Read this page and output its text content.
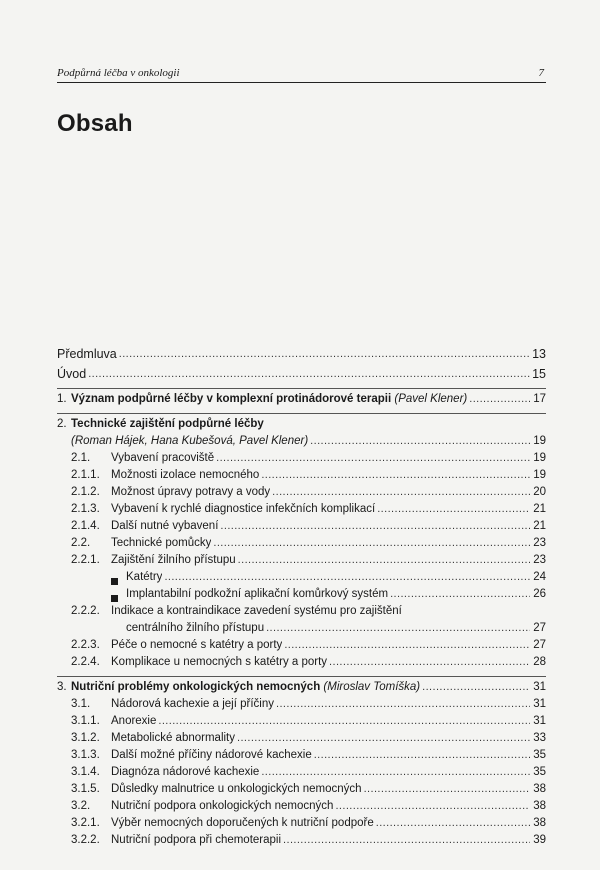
Podpůrná léčba v onkologii	7
Obsah
Předmluva .....	13
Úvod .....	15
1. Význam podpůrné léčby v komplexní protinádorové terapii (Pavel Klener) .....	17
2. Technické zajištění podpůrné léčby
(Roman Hájek, Hana Kubešová, Pavel Klener) .....	19
2.1.	Vybavení pracoviště .....	19
2.1.1. Možnosti izolace nemocného .....	19
2.1.2. Možnost úpravy potravy a vody .....	20
2.1.3. Vybavení k rychlé diagnostice infekčních komplikací .....	21
2.1.4. Další nutné vybavení .....	21
2.2.	Technické pomůcky .....	23
2.2.1. Zajištění žilního přístupu .....	23
Katétry .....	24
Implantabilní podkožní aplikační komůrkový systém .....	26
2.2.2. Indikace a kontraindikace zavedení systému pro zajištění
centrálního žilního přístupu .....	27
2.2.3. Péče o nemocné s katétry a porty .....	27
2.2.4. Komplikace u nemocných s katétry a porty .....	28
3. Nutriční problémy onkologických nemocných (Miroslav Tomíška) .....	31
3.1.	Nádorová kachexie a její příčiny .....	31
3.1.1. Anorexie .....	31
3.1.2. Metabolické abnormality .....	33
3.1.3. Další možné příčiny nádorové kachexie .....	35
3.1.4. Diagnóza nádorové kachexie .....	35
3.1.5. Důsledky malnutrice u onkologických nemocných .....	38
3.2.	Nutriční podpora onkologických nemocných .....	38
3.2.1. Výběr nemocných doporučených k nutriční podpoře .....	38
3.2.2. Nutriční podpora při chemoterapii .....	39
